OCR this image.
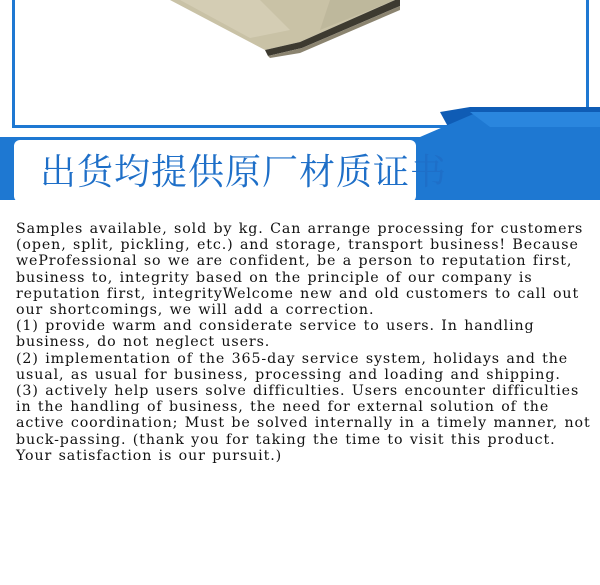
出货均提供原厂材质证书

Samples available, sold by kg. Can arrange processing for customers (open, split, pickling, etc.) and storage, transport business! Because weProfessional so we are confident, be a person to reputation first, business to, integrity based on the principle of our company is reputation first, integrityWelcome new and old customers to call out our shortcomings, we will add a correction.

(1) provide warm and considerate service to users. In handling business, do not neglect users.

(2) implementation of the 365-day service system, holidays and the usual, as usual for business, processing and loading and shipping.

(3) actively help users solve difficulties. Users encounter difficulties in the handling of business, the need for external solution of the active coordination; Must be solved internally in a timely manner, not buck-passing. (thank you for taking the time to visit this product. Your satisfaction is our pursuit.)
